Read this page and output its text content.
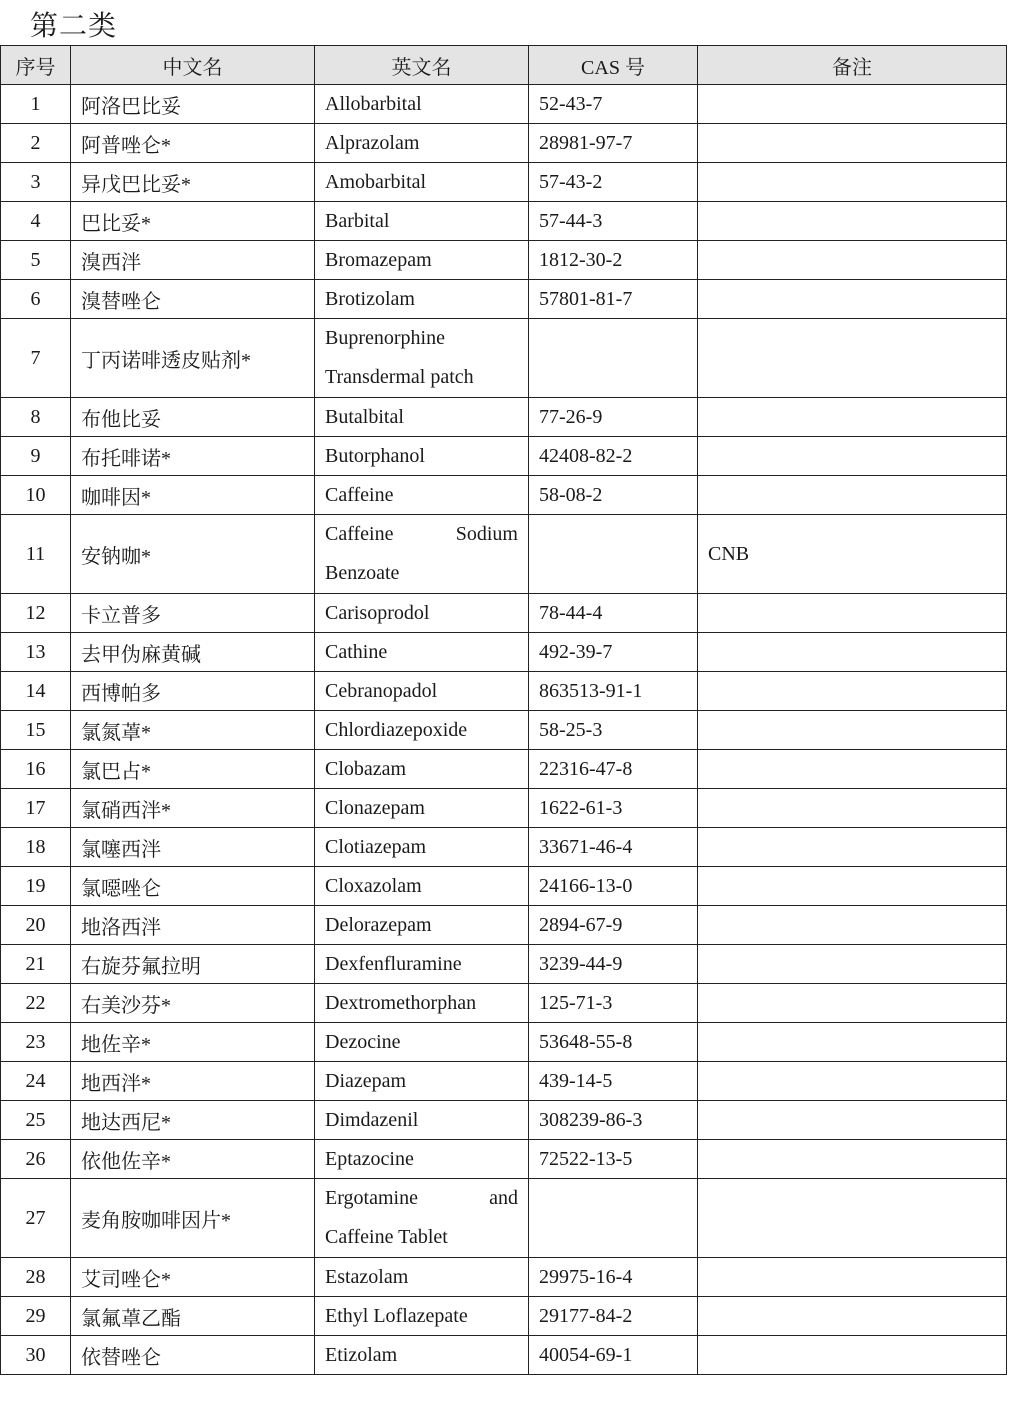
第二类
序号	中文名	英文名	CAS 号	备注
1	阿洛巴比妥	Allobarbital	52-43-7	
2	阿普唑仑*	Alprazolam	28981-97-7	
3	异戊巴比妥*	Amobarbital	57-43-2	
4	巴比妥*	Barbital	57-44-3	
5	溴西泮	Bromazepam	1812-30-2	
6	溴替唑仑	Brotizolam	57801-81-7	
7	丁丙诺啡透皮贴剂*	Buprenorphine
Transdermal patch		

8	布他比妥	Butalbital	77-26-9	
9	布托啡诺*	Butorphanol	42408-82-2	
10	咖啡因*	Caffeine	58-08-2	
11	安钠咖*	Caffeine Sodium
Benzoate		CNB
12	卡立普多	Carisoprodol	78-44-4	
13	去甲伪麻黄碱	Cathine	492-39-7	
14	西博帕多	Cebranopadol	863513-91-1	
15	氯氮䓬*	Chlordiazepoxide	58-25-3	
16	氯巴占*	Clobazam	22316-47-8	
17	氯硝西泮*	Clonazepam	1622-61-3	
18	氯噻西泮	Clotiazepam	33671-46-4	
19	氯噁唑仑	Cloxazolam	24166-13-0	
20	地洛西泮	Delorazepam	2894-67-9	
21	右旋芬氟拉明	Dexfenfluramine	3239-44-9	
22	右美沙芬*	Dextromethorphan	125-71-3	
23	地佐辛*	Dezocine	53648-55-8	
24	地西泮*	Diazepam	439-14-5	
25	地达西尼*	Dimdazenil	308239-86-3	
26	依他佐辛*	Eptazocine	72522-13-5	
27	麦角胺咖啡因片*	Ergotamine and
Caffeine Tablet		

28	艾司唑仑*	Estazolam	29975-16-4	
29	氯氟䓬乙酯	Ethyl Loflazepate	29177-84-2	
30	依替唑仑	Etizolam	40054-69-1	
